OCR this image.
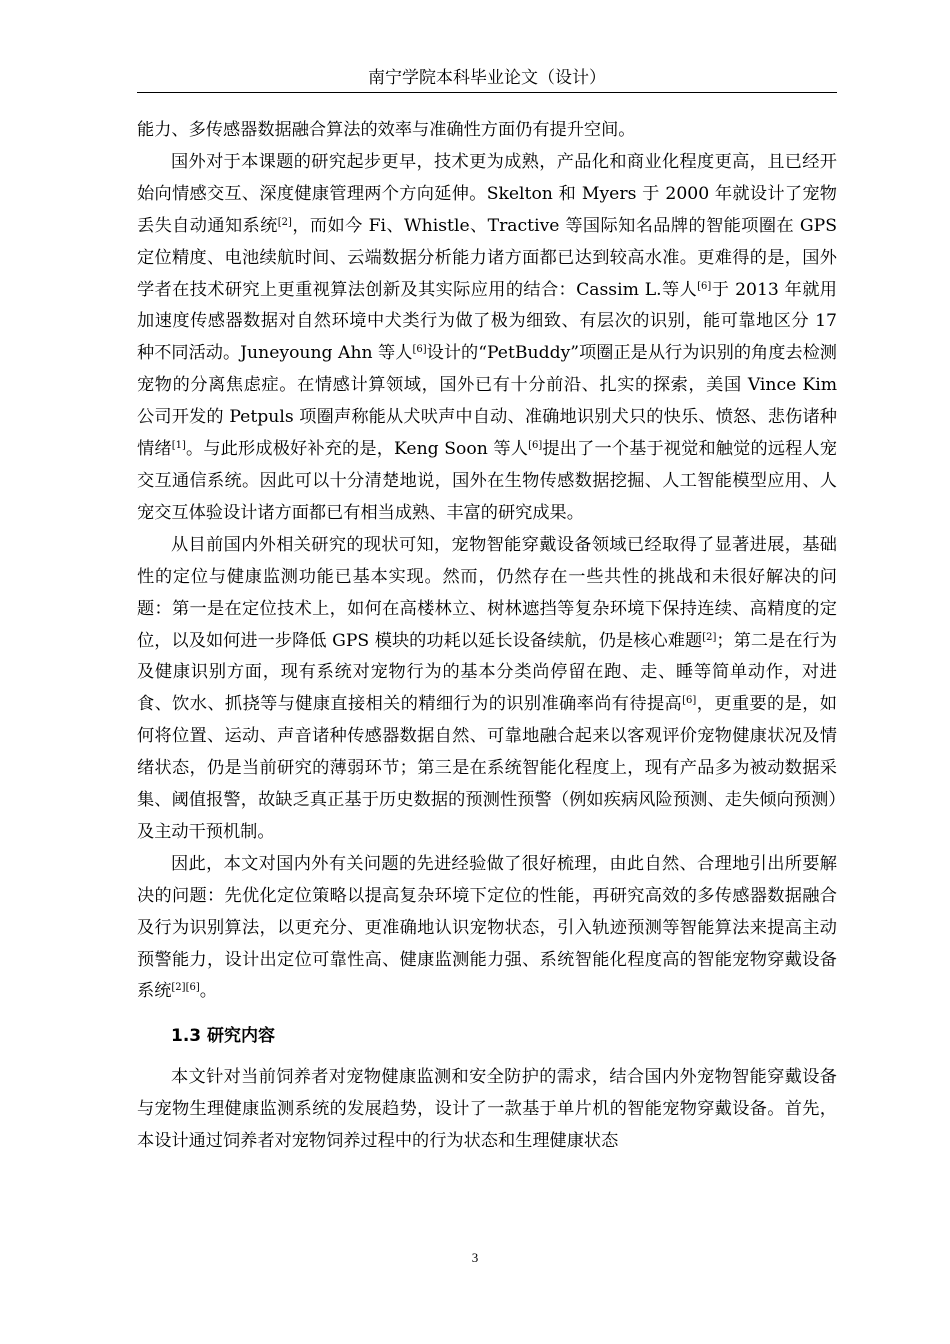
南宁学院本科毕业论文（设计）

能力、多传感器数据融合算法的效率与准确性方面仍有提升空间。

国外对于本课题的研究起步更早，技术更为成熟，产品化和商业化程度更高，且已经开始向情感交互、深度健康管理两个方向延伸。Skelton 和 Myers 于 2000 年就设计了宠物丢失自动通知系统[2]，而如今 Fi、Whistle、Tractive 等国际知名品牌的智能项圈在 GPS 定位精度、电池续航时间、云端数据分析能力诸方面都已达到较高水准。更难得的是，国外学者在技术研究上更重视算法创新及其实际应用的结合：Cassim L.等人[6]于 2013 年就用加速度传感器数据对自然环境中犬类行为做了极为细致、有层次的识别，能可靠地区分 17 种不同活动。Juneyoung Ahn 等人[6]设计的“PetBuddy”项圈正是从行为识别的角度去检测宠物的分离焦虑症。在情感计算领域，国外已有十分前沿、扎实的探索，美国 Vince Kim 公司开发的 Petpuls 项圈声称能从犬吠声中自动、准确地识别犬只的快乐、愤怒、悲伤诸种情绪[1]。与此形成极好补充的是，Keng Soon 等人[6]提出了一个基于视觉和触觉的远程人宠交互通信系统。因此可以十分清楚地说，国外在生物传感数据挖掘、人工智能模型应用、人宠交互体验设计诸方面都已有相当成熟、丰富的研究成果。

从目前国内外相关研究的现状可知，宠物智能穿戴设备领域已经取得了显著进展，基础性的定位与健康监测功能已基本实现。然而，仍然存在一些共性的挑战和未很好解决的问题：第一是在定位技术上，如何在高楼林立、树林遮挡等复杂环境下保持连续、高精度的定位，以及如何进一步降低 GPS 模块的功耗以延长设备续航，仍是核心难题[2]；第二是在行为及健康识别方面，现有系统对宠物行为的基本分类尚停留在跑、走、睡等简单动作，对进食、饮水、抓挠等与健康直接相关的精细行为的识别准确率尚有待提高[6]，更重要的是，如何将位置、运动、声音诸种传感器数据自然、可靠地融合起来以客观评价宠物健康状况及情绪状态，仍是当前研究的薄弱环节；第三是在系统智能化程度上，现有产品多为被动数据采集、阈值报警，故缺乏真正基于历史数据的预测性预警（例如疾病风险预测、走失倾向预测）及主动干预机制。

因此，本文对国内外有关问题的先进经验做了很好梳理，由此自然、合理地引出所要解决的问题：先优化定位策略以提高复杂环境下定位的性能，再研究高效的多传感器数据融合及行为识别算法，以更充分、更准确地认识宠物状态，引入轨迹预测等智能算法来提高主动预警能力，设计出定位可靠性高、健康监测能力强、系统智能化程度高的智能宠物穿戴设备系统[2][6]。

1.3 研究内容

本文针对当前饲养者对宠物健康监测和安全防护的需求，结合国内外宠物智能穿戴设备与宠物生理健康监测系统的发展趋势，设计了一款基于单片机的智能宠物穿戴设备。首先，本设计通过饲养者对宠物饲养过程中的行为状态和生理健康状态

3
